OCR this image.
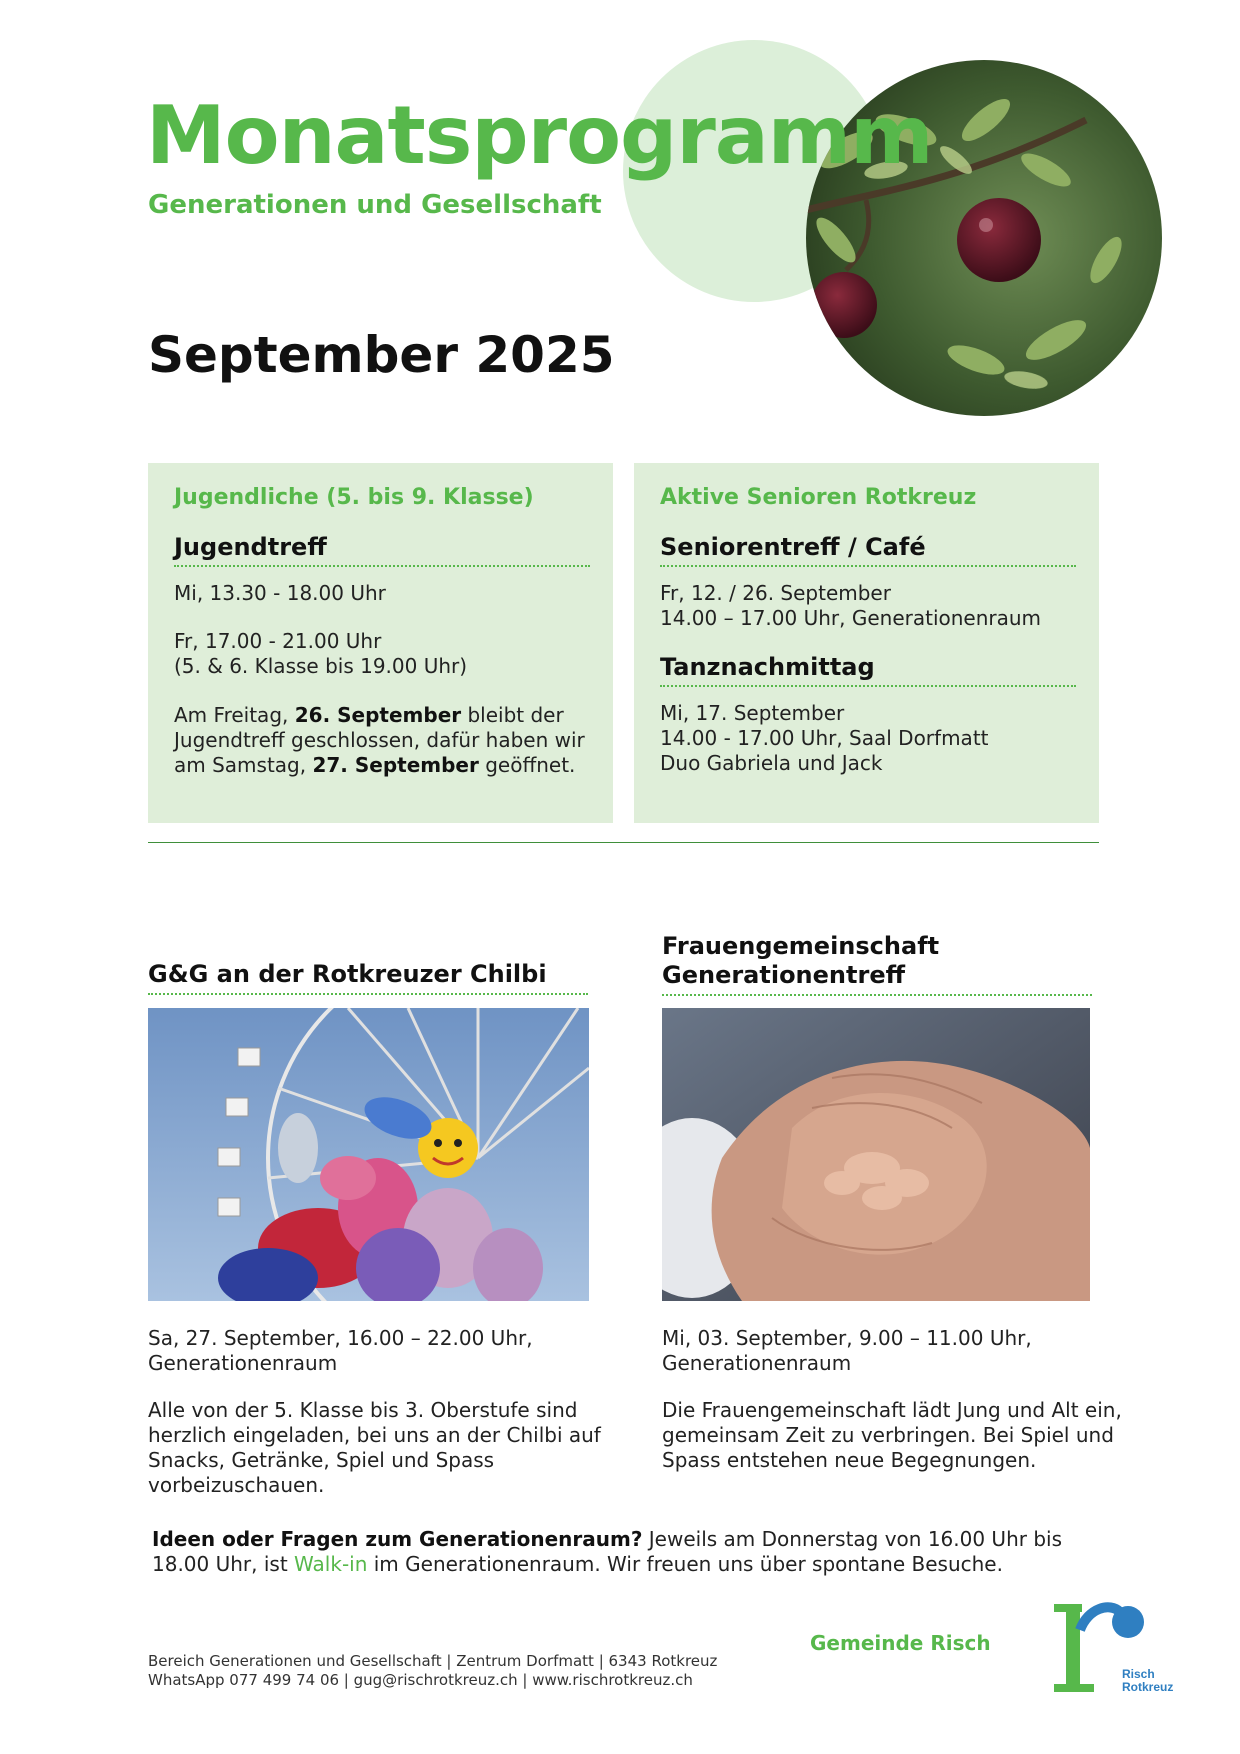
Monatsprogramm
Generationen und Gesellschaft
September 2025
Jugendliche (5. bis 9. Klasse)
Jugendtreff
Mi, 13.30 - 18.00 Uhr
Fr, 17.00 - 21.00 Uhr
(5. & 6. Klasse bis 19.00 Uhr)
Am Freitag, 26. September bleibt der Jugendtreff geschlossen, dafür haben wir am Samstag, 27. September geöffnet.
Aktive Senioren Rotkreuz
Seniorentreff / Café
Fr, 12. / 26. September
14.00 – 17.00 Uhr, Generationenraum
Tanznachmittag
Mi, 17. September
14.00 - 17.00 Uhr, Saal Dorfmatt
Duo Gabriela und Jack
G&G an der Rotkreuzer Chilbi
Sa, 27. September, 16.00 – 22.00 Uhr,
Generationenraum
Alle von der 5. Klasse bis 3. Oberstufe sind herzlich eingeladen, bei uns an der Chilbi auf Snacks, Getränke, Spiel und Spass vorbeizuschauen.
Frauengemeinschaft
Generationentreff
Mi, 03. September, 9.00 – 11.00 Uhr,
Generationenraum
Die Frauengemeinschaft lädt Jung und Alt ein, gemeinsam Zeit zu verbringen. Bei Spiel und Spass entstehen neue Begegnungen.
Ideen oder Fragen zum Generationenraum? Jeweils am Donnerstag von 16.00 Uhr bis 18.00 Uhr, ist Walk-in im Generationenraum. Wir freuen uns über spontane Besuche.
Bereich Generationen und Gesellschaft | Zentrum Dorfmatt | 6343 Rotkreuz
WhatsApp 077 499 74 06 | gug@rischrotkreuz.ch | www.rischrotkreuz.ch
Gemeinde Risch
Risch
Rotkreuz
